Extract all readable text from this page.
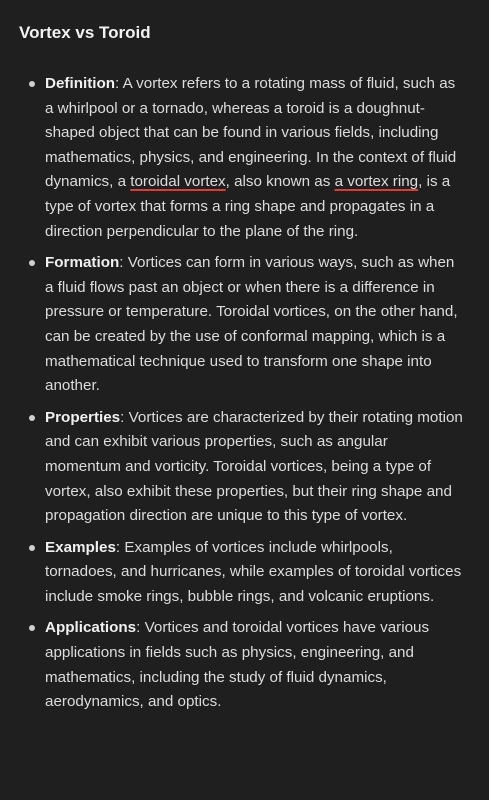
Vortex vs Toroid
Definition: A vortex refers to a rotating mass of fluid, such as a whirlpool or a tornado, whereas a toroid is a doughnut-shaped object that can be found in various fields, including mathematics, physics, and engineering. In the context of fluid dynamics, a toroidal vortex, also known as a vortex ring, is a type of vortex that forms a ring shape and propagates in a direction perpendicular to the plane of the ring.
Formation: Vortices can form in various ways, such as when a fluid flows past an object or when there is a difference in pressure or temperature. Toroidal vortices, on the other hand, can be created by the use of conformal mapping, which is a mathematical technique used to transform one shape into another.
Properties: Vortices are characterized by their rotating motion and can exhibit various properties, such as angular momentum and vorticity. Toroidal vortices, being a type of vortex, also exhibit these properties, but their ring shape and propagation direction are unique to this type of vortex.
Examples: Examples of vortices include whirlpools, tornadoes, and hurricanes, while examples of toroidal vortices include smoke rings, bubble rings, and volcanic eruptions.
Applications: Vortices and toroidal vortices have various applications in fields such as physics, engineering, and mathematics, including the study of fluid dynamics, aerodynamics, and optics.
